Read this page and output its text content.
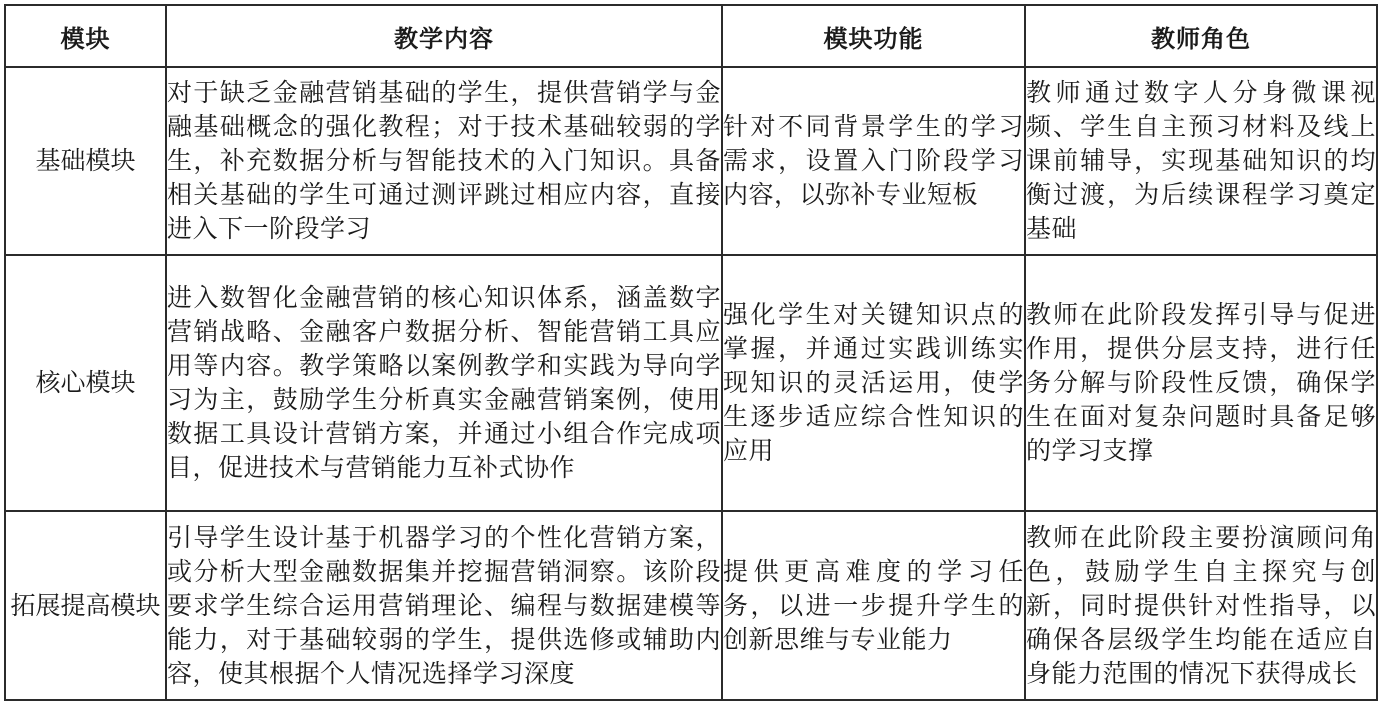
模块	教学内容	模块功能	教师角色
基础模块	对于缺乏金融营销基础的学生，提供营销学与金融基础概念的强化教程；对于技术基础较弱的学生，补充数据分析与智能技术的入门知识。具备相关基础的学生可通过测评跳过相应内容，直接进入下一阶段学习	针对不同背景学生的学习需求，设置入门阶段学习内容，以弥补专业短板	教师通过数字人分身微课视频、学生自主预习材料及线上课前辅导，实现基础知识的均衡过渡，为后续课程学习奠定基础

核心模块	进入数智化金融营销的核心知识体系，涵盖数字营销战略、金融客户数据分析、智能营销工具应用等内容。教学策略以案例教学和实践为导向学习为主，鼓励学生分析真实金融营销案例，使用数据工具设计营销方案，并通过小组合作完成项目，促进技术与营销能力互补式协作	强化学生对关键知识点的掌握，并通过实践训练实现知识的灵活运用，使学生逐步适应综合性知识的应用	教师在此阶段发挥引导与促进作用，提供分层支持，进行任务分解与阶段性反馈，确保学生在面对复杂问题时具备足够的学习支撑

拓展提高模块	引导学生设计基于机器学习的个性化营销方案，或分析大型金融数据集并挖掘营销洞察。该阶段要求学生综合运用营销理论、编程与数据建模等能力，对于基础较弱的学生，提供选修或辅助内容，使其根据个人情况选择学习深度	提供更高难度的学习任务，以进一步提升学生的创新思维与专业能力	教师在此阶段主要扮演顾问角色，鼓励学生自主探究与创新，同时提供针对性指导，以确保各层级学生均能在适应自身能力范围的情况下获得成长
